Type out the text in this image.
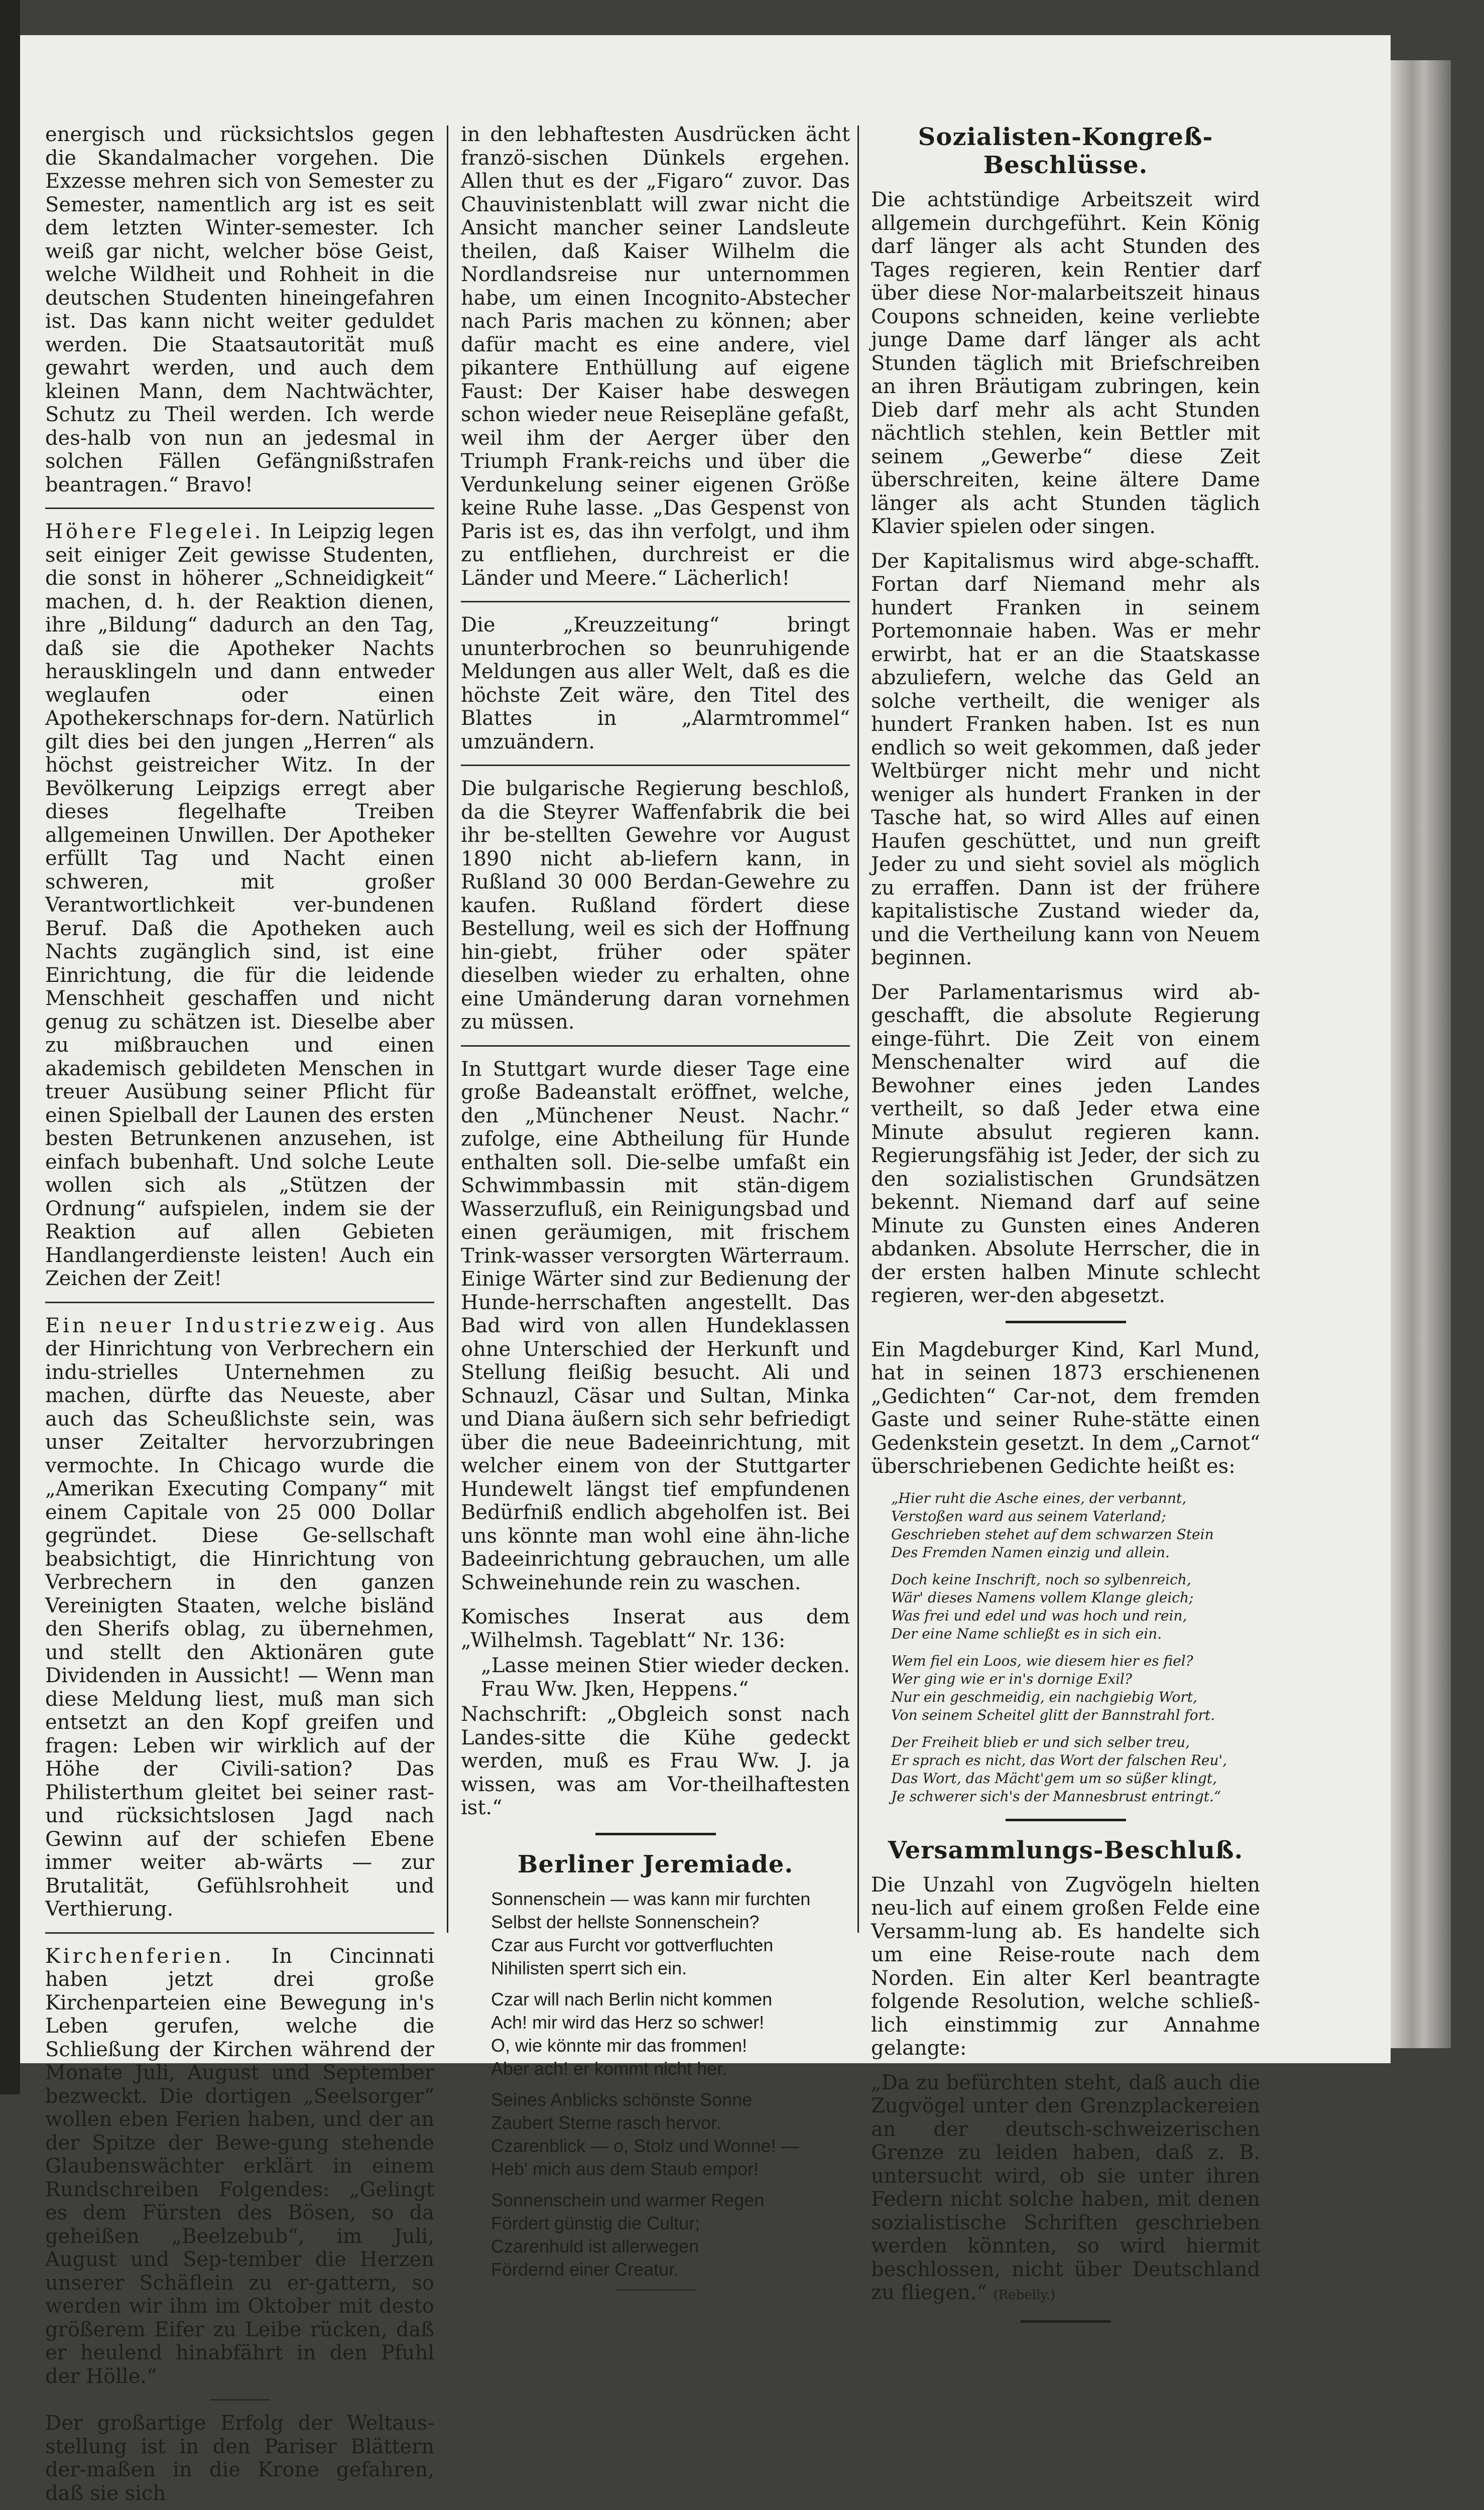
energisch und rücksichtslos gegen die Skandalmacher vorgehen. Die Exzesse mehren sich von Semester zu Semester, namentlich arg ist es seit dem letzten Winter-semester. Ich weiß gar nicht, welcher böse Geist, welche Wildheit und Rohheit in die deutschen Studenten hineingefahren ist. Das kann nicht weiter geduldet werden. Die Staatsautorität muß gewahrt werden, und auch dem kleinen Mann, dem Nachtwächter, Schutz zu Theil werden. Ich werde des-halb von nun an jedesmal in solchen Fällen Gefängnißstrafen beantragen.“ Bravo!

Höhere Flegelei. In Leipzig legen seit einiger Zeit gewisse Studenten, die sonst in höherer „Schneidigkeit“ machen, d. h. der Reaktion dienen, ihre „Bildung“ dadurch an den Tag, daß sie die Apotheker Nachts herausklingeln und dann entweder weglaufen oder einen Apothekerschnaps for-dern. Natürlich gilt dies bei den jungen „Herren“ als höchst geistreicher Witz. In der Bevölkerung Leipzigs erregt aber dieses flegelhafte Treiben allgemeinen Unwillen. Der Apotheker erfüllt Tag und Nacht einen schweren, mit großer Verantwortlichkeit ver-bundenen Beruf. Daß die Apotheken auch Nachts zugänglich sind, ist eine Einrichtung, die für die leidende Menschheit geschaffen und nicht genug zu schätzen ist. Dieselbe aber zu mißbrauchen und einen akademisch gebildeten Menschen in treuer Ausübung seiner Pflicht für einen Spielball der Launen des ersten besten Betrunkenen anzusehen, ist einfach bubenhaft. Und solche Leute wollen sich als „Stützen der Ordnung“ aufspielen, indem sie der Reaktion auf allen Gebieten Handlangerdienste leisten! Auch ein Zeichen der Zeit!

Ein neuer Industriezweig. Aus der Hinrichtung von Verbrechern ein indu-strielles Unternehmen zu machen, dürfte das Neueste, aber auch das Scheußlichste sein, was unser Zeitalter hervorzubringen vermochte. In Chicago wurde die „Amerikan Executing Company“ mit einem Capitale von 25 000 Dollar gegründet. Diese Ge-sellschaft beabsichtigt, die Hinrichtung von Verbrechern in den ganzen Vereinigten Staaten, welche bisländ den Sherifs oblag, zu übernehmen, und stellt den Aktionären gute Dividenden in Aussicht! — Wenn man diese Meldung liest, muß man sich entsetzt an den Kopf greifen und fragen: Leben wir wirklich auf der Höhe der Civili-sation? Das Philisterthum gleitet bei seiner rast- und rücksichtslosen Jagd nach Gewinn auf der schiefen Ebene immer weiter ab-wärts — zur Brutalität, Gefühlsrohheit und Verthierung.

Kirchenferien. In Cincinnati haben jetzt drei große Kirchenparteien eine Bewegung in's Leben gerufen, welche die Schließung der Kirchen während der Monate Juli, August und September bezweckt. Die dortigen „Seelsorger“ wollen eben Ferien haben, und der an der Spitze der Bewe-gung stehende Glaubenswächter erklärt in einem Rundschreiben Folgendes: „Gelingt es dem Fürsten des Bösen, so da geheißen „Beelzebub“, im Juli, August und Sep-tember die Herzen unserer Schäflein zu er-gattern, so werden wir ihm im Oktober mit desto größerem Eifer zu Leibe rücken, daß er heulend hinabfährt in den Pfuhl der Hölle.“

Der großartige Erfolg der Weltaus-stellung ist in den Pariser Blättern der-maßen in die Krone gefahren, daß sie sich

in den lebhaftesten Ausdrücken ächt franzö-sischen Dünkels ergehen. Allen thut es der „Figaro“ zuvor. Das Chauvinistenblatt will zwar nicht die Ansicht mancher seiner Landsleute theilen, daß Kaiser Wilhelm die Nordlandsreise nur unternommen habe, um einen Incognito-Abstecher nach Paris machen zu können; aber dafür macht es eine andere, viel pikantere Enthüllung auf eigene Faust: Der Kaiser habe deswegen schon wieder neue Reisepläne gefaßt, weil ihm der Aerger über den Triumph Frank-reichs und über die Verdunkelung seiner eigenen Größe keine Ruhe lasse. „Das Gespenst von Paris ist es, das ihn verfolgt, und ihm zu entfliehen, durchreist er die Länder und Meere.“ Lächerlich!

Die „Kreuzzeitung“ bringt ununterbrochen so beunruhigende Meldungen aus aller Welt, daß es die höchste Zeit wäre, den Titel des Blattes in „Alarmtrommel“ umzuändern.

Die bulgarische Regierung beschloß, da die Steyrer Waffenfabrik die bei ihr be-stellten Gewehre vor August 1890 nicht ab-liefern kann, in Rußland 30 000 Berdan-Gewehre zu kaufen. Rußland fördert diese Bestellung, weil es sich der Hoffnung hin-giebt, früher oder später dieselben wieder zu erhalten, ohne eine Umänderung daran vornehmen zu müssen.

In Stuttgart wurde dieser Tage eine große Badeanstalt eröffnet, welche, den „Münchener Neust. Nachr.“ zufolge, eine Abtheilung für Hunde enthalten soll. Die-selbe umfaßt ein Schwimmbassin mit stän-digem Wasserzufluß, ein Reinigungsbad und einen geräumigen, mit frischem Trink-wasser versorgten Wärterraum. Einige Wärter sind zur Bedienung der Hunde-herrschaften angestellt. Das Bad wird von allen Hundeklassen ohne Unterschied der Herkunft und Stellung fleißig besucht. Ali und Schnauzl, Cäsar und Sultan, Minka und Diana äußern sich sehr befriedigt über die neue Badeeinrichtung, mit welcher einem von der Stuttgarter Hundewelt längst tief empfundenen Bedürfniß endlich abgeholfen ist. Bei uns könnte man wohl eine ähn-liche Badeeinrichtung gebrauchen, um alle Schweinehunde rein zu waschen.

Komisches Inserat aus dem „Wilhelmsh. Tageblatt“ Nr. 136:

„Lasse meinen Stier wieder decken. Frau Ww. Jken, Heppens.“

Nachschrift: „Obgleich sonst nach Landes-sitte die Kühe gedeckt werden, muß es Frau Ww. J. ja wissen, was am Vor-theilhaftesten ist.“

Berliner Jeremiade.
Sonnenschein — was kann mir furchten
Selbst der hellste Sonnenschein?
Czar aus Furcht vor gottverfluchten
Nihilisten sperrt sich ein.
Czar will nach Berlin nicht kommen
Ach! mir wird das Herz so schwer!
O, wie könnte mir das frommen!
Aber ach! er kommt nicht her.
Seines Anblicks schönste Sonne
Zaubert Sterne rasch hervor.
Czarenblick — o, Stolz und Wonne! —
Heb' mich aus dem Staub empor!
Sonnenschein und warmer Regen
Fördert günstig die Cultur;
Czarenhuld ist allerwegen
Fördernd einer Creatur.
Sozialisten-Kongreß-Beschlüsse.

Die achtstündige Arbeitszeit wird allgemein durchgeführt. Kein König darf länger als acht Stunden des Tages regieren, kein Rentier darf über diese Nor-malarbeitszeit hinaus Coupons schneiden, keine verliebte junge Dame darf länger als acht Stunden täglich mit Briefschreiben an ihren Bräutigam zubringen, kein Dieb darf mehr als acht Stunden nächtlich stehlen, kein Bettler mit seinem „Gewerbe“ diese Zeit überschreiten, keine ältere Dame länger als acht Stunden täglich Klavier spielen oder singen.

Der Kapitalismus wird abge-schafft. Fortan darf Niemand mehr als hundert Franken in seinem Portemonnaie haben. Was er mehr erwirbt, hat er an die Staatskasse abzuliefern, welche das Geld an solche vertheilt, die weniger als hundert Franken haben. Ist es nun endlich so weit gekommen, daß jeder Weltbürger nicht mehr und nicht weniger als hundert Franken in der Tasche hat, so wird Alles auf einen Haufen geschüttet, und nun greift Jeder zu und sieht soviel als möglich zu erraffen. Dann ist der frühere kapitalistische Zustand wieder da, und die Vertheilung kann von Neuem beginnen.

Der Parlamentarismus wird ab-geschafft, die absolute Regierung einge-führt. Die Zeit von einem Menschenalter wird auf die Bewohner eines jeden Landes vertheilt, so daß Jeder etwa eine Minute absulut regieren kann. Regierungsfähig ist Jeder, der sich zu den sozialistischen Grundsätzen bekennt. Niemand darf auf seine Minute zu Gunsten eines Anderen abdanken. Absolute Herrscher, die in der ersten halben Minute schlecht regieren, wer-den abgesetzt.

Ein Magdeburger Kind, Karl Mund, hat in seinen 1873 erschienenen „Gedichten“ Car-not, dem fremden Gaste und seiner Ruhe-stätte einen Gedenkstein gesetzt. In dem „Carnot“ überschriebenen Gedichte heißt es:

„Hier ruht die Asche eines, der verbannt,
Verstoßen ward aus seinem Vaterland;
Geschrieben stehet auf dem schwarzen Stein
Des Fremden Namen einzig und allein.
Doch keine Inschrift, noch so sylbenreich,
Wär' dieses Namens vollem Klange gleich;
Was frei und edel und was hoch und rein,
Der eine Name schließt es in sich ein.
Wem fiel ein Loos, wie diesem hier es fiel?
Wer ging wie er in's dornige Exil?
Nur ein geschmeidig, ein nachgiebig Wort,
Von seinem Scheitel glitt der Bannstrahl fort.
Der Freiheit blieb er und sich selber treu,
Er sprach es nicht, das Wort der falschen Reu',
Das Wort, das Mächt'gem um so süßer klingt,
Je schwerer sich's der Mannesbrust entringt.“
Versammlungs-Beschluß.

Die Unzahl von Zugvögeln hielten neu-lich auf einem großen Felde eine Versamm-lung ab. Es handelte sich um eine Reise-route nach dem Norden. Ein alter Kerl beantragte folgende Resolution, welche schließ-lich einstimmig zur Annahme gelangte:

„Da zu befürchten steht, daß auch die Zugvögel unter den Grenzplackereien an der deutsch-schweizerischen Grenze zu leiden haben, daß z. B. untersucht wird, ob sie unter ihren Federn nicht solche haben, mit denen sozialistische Schriften geschrieben werden könnten, so wird hiermit beschlossen, nicht über Deutschland zu fliegen.“ (Rebelly.)
